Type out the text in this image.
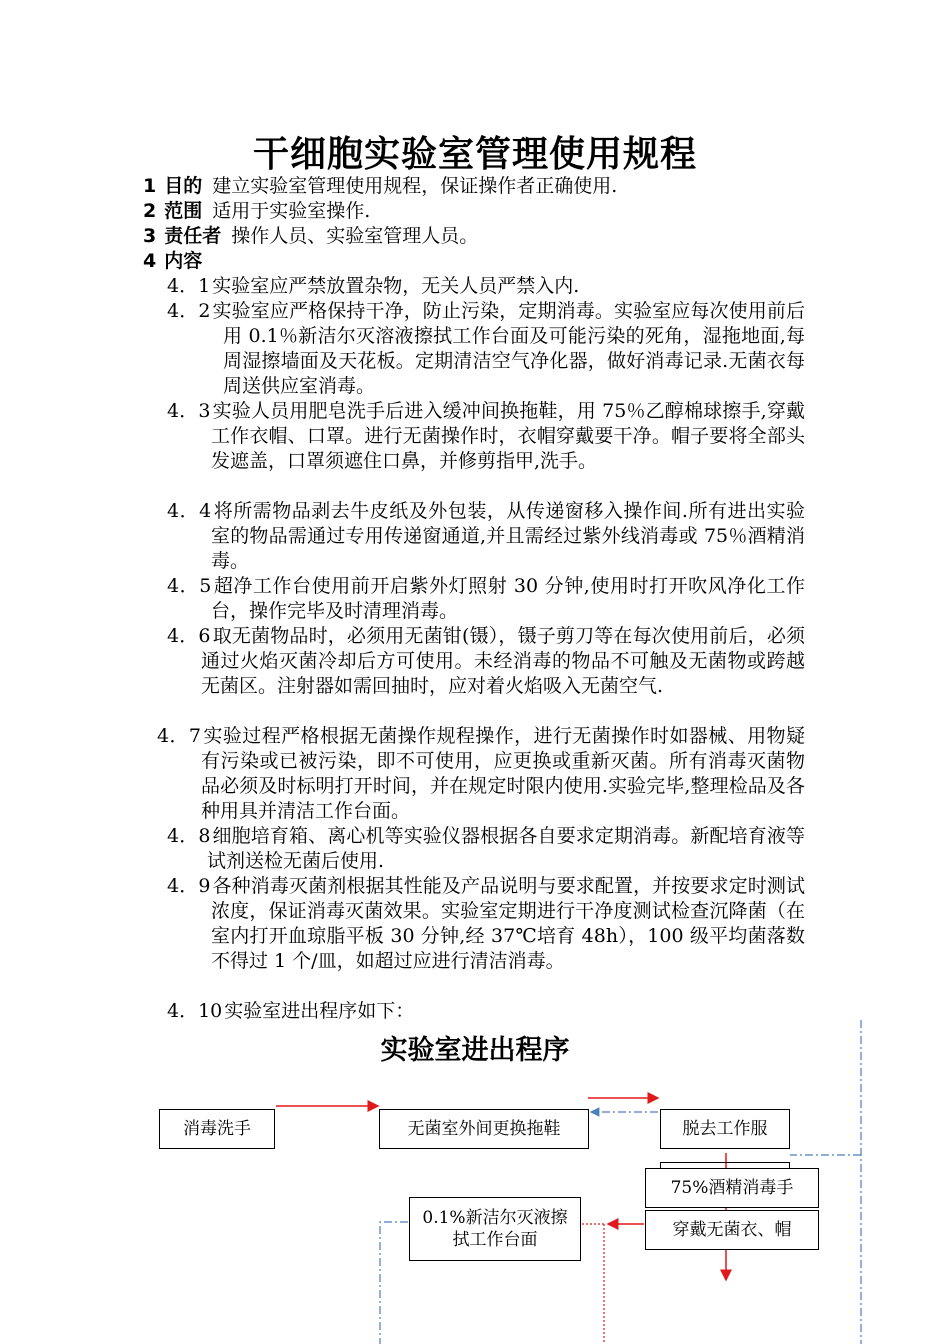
干细胞实验室管理使用规程
1 目的 建立实验室管理使用规程，保证操作者正确使用.
2 范围 适用于实验室操作.
3 责任者 操作人员、实验室管理人员。
4 内容
4．1 实验室应严禁放置杂物，无关人员严禁入内.
4．2 实验室应严格保持干净，防止污染，定期消毒。实验室应每次使用前后用 0.1％新洁尔灭溶液擦拭工作台面及可能污染的死角，湿拖地面,每周湿擦墙面及天花板。定期清洁空气净化器，做好消毒记录.无菌衣每周送供应室消毒。
4．3 实验人员用肥皂洗手后进入缓冲间换拖鞋，用 75％乙醇棉球擦手,穿戴工作衣帽、口罩。进行无菌操作时，衣帽穿戴要干净。帽子要将全部头发遮盖，口罩须遮住口鼻，并修剪指甲,洗手。
4．4 将所需物品剥去牛皮纸及外包装，从传递窗移入操作间.所有进出实验室的物品需通过专用传递窗通道,并且需经过紫外线消毒或 75％酒精消毒。
4．5 超净工作台使用前开启紫外灯照射 30 分钟,使用时打开吹风净化工作台，操作完毕及时清理消毒。
4．6 取无菌物品时，必须用无菌钳(镊），镊子剪刀等在每次使用前后，必须通过火焰灭菌冷却后方可使用。未经消毒的物品不可触及无菌物或跨越无菌区。注射器如需回抽时，应对着火焰吸入无菌空气.
4．7 实验过程严格根据无菌操作规程操作，进行无菌操作时如器械、用物疑有污染或已被污染，即不可使用，应更换或重新灭菌。所有消毒灭菌物品必须及时标明打开时间，并在规定时限内使用.实验完毕,整理检品及各种用具并清洁工作台面。
4．8 细胞培育箱、离心机等实验仪器根据各自要求定期消毒。新配培育液等试剂送检无菌后使用.
4．9 各种消毒灭菌剂根据其性能及产品说明与要求配置，并按要求定时测试浓度，保证消毒灭菌效果。实验室定期进行干净度测试检查沉降菌（在室内打开血琼脂平板 30 分钟,经 37℃培育 48h），100 级平均菌落数不得过 1 个/皿，如超过应进行清洁消毒。
4．10 实验室进出程序如下：
实验室进出程序
消毒洗手	无菌室外间更换拖鞋	脱去工作服
75%酒精消毒手
0.1%新洁尔灭液擦拭工作台面	穿戴无菌衣、帽
